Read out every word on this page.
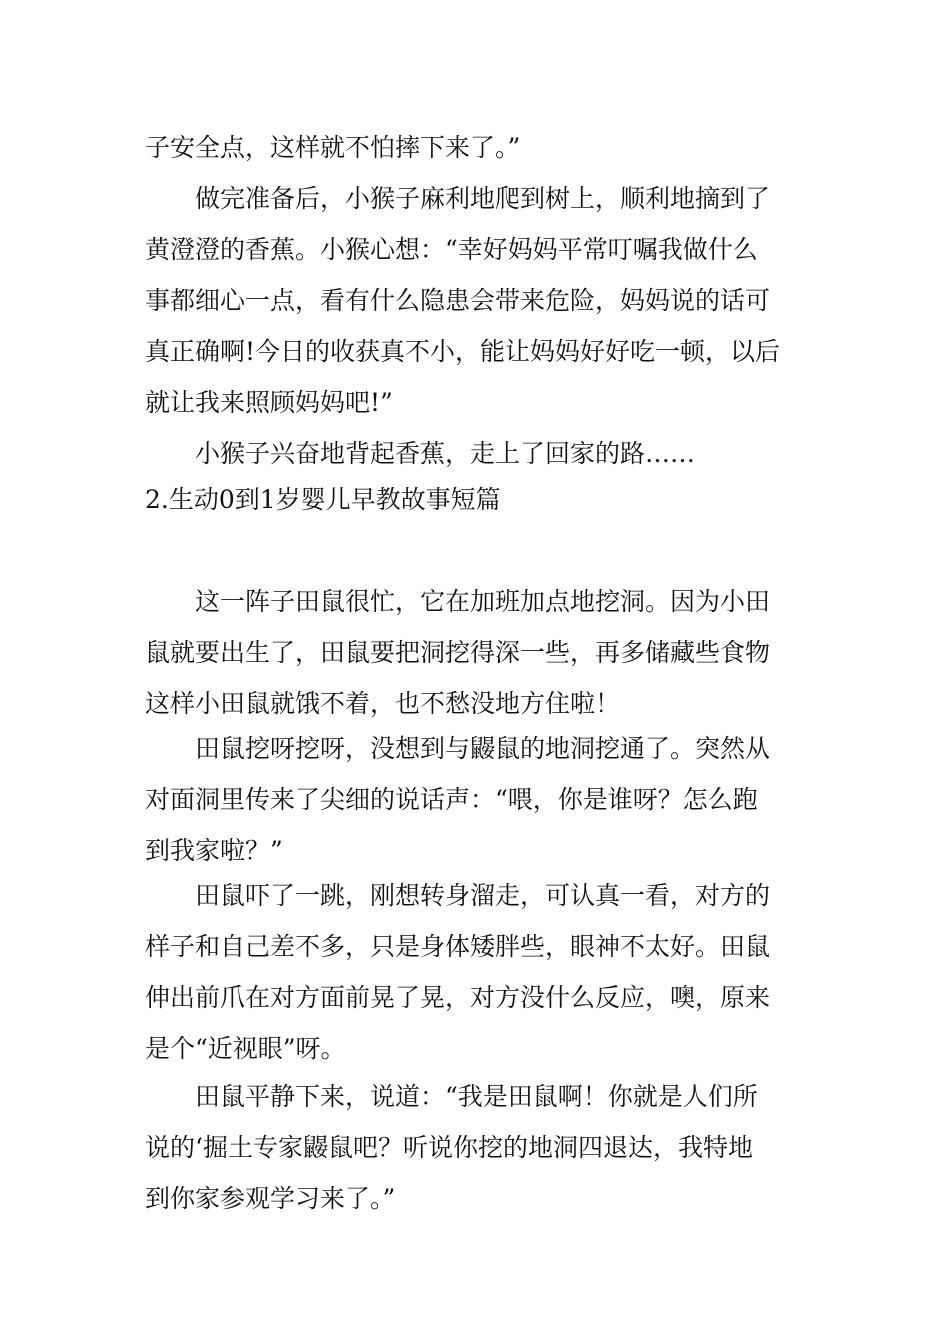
子安全点，这样就不怕摔下来了。”
做完准备后，小猴子麻利地爬到树上，顺利地摘到了
黄澄澄的香蕉。小猴心想：“幸好妈妈平常叮嘱我做什么
事都细心一点，看有什么隐患会带来危险，妈妈说的话可
真正确啊!今日的收获真不小，能让妈妈好好吃一顿，以后
就让我来照顾妈妈吧!”
小猴子兴奋地背起香蕉，走上了回家的路……
2.生动0到1岁婴儿早教故事短篇
这一阵子田鼠很忙，它在加班加点地挖洞。因为小田
鼠就要出生了，田鼠要把洞挖得深一些，再多储藏些食物
这样小田鼠就饿不着，也不愁没地方住啦！
田鼠挖呀挖呀，没想到与鼹鼠的地洞挖通了。突然从
对面洞里传来了尖细的说话声：“喂，你是谁呀？怎么跑
到我家啦？”
田鼠吓了一跳，刚想转身溜走，可认真一看，对方的
样子和自己差不多，只是身体矮胖些，眼神不太好。田鼠
伸出前爪在对方面前晃了晃，对方没什么反应，噢，原来
是个“近视眼”呀。
田鼠平静下来，说道：“我是田鼠啊！你就是人们所
说的‘掘土专家鼹鼠吧？听说你挖的地洞四退达，我特地
到你家参观学习来了。”
